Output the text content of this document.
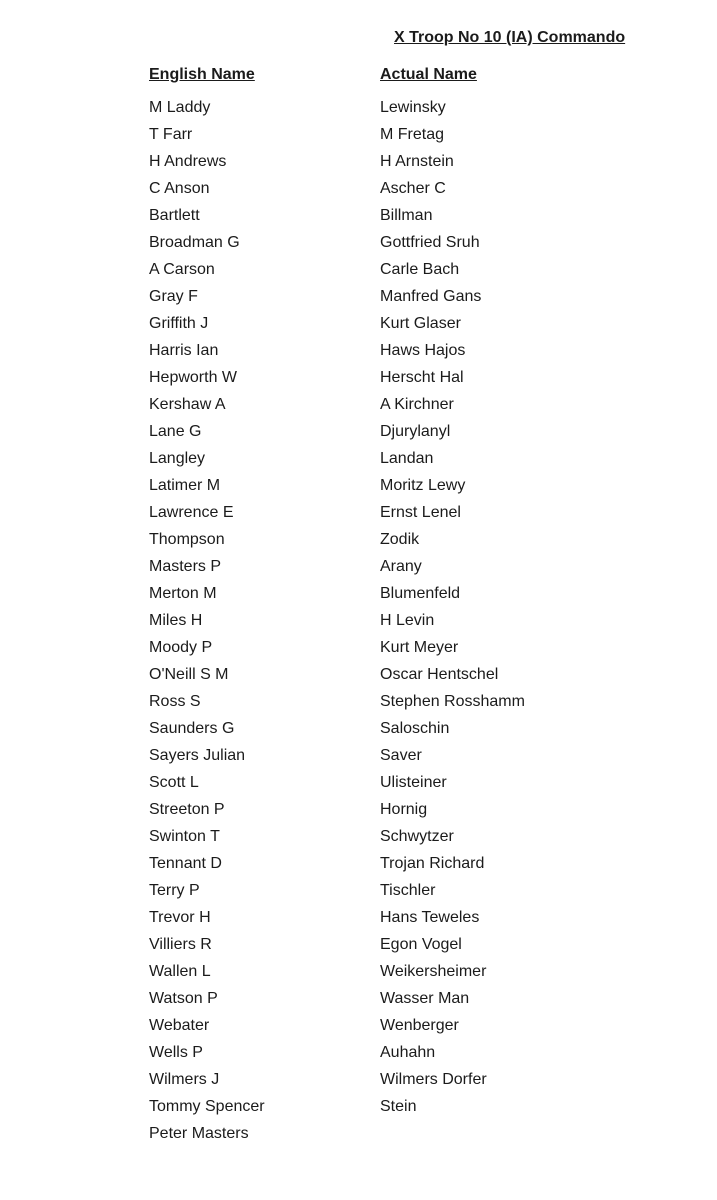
X Troop No 10 (IA) Commando
English Name	Actual Name
M Laddy
T Farr
H Andrews
C Anson
Bartlett
Broadman G
A Carson
Gray F
Griffith J
Harris Ian
Hepworth W
Kershaw A
Lane G
Langley
Latimer M
Lawrence E
Thompson
Masters P
Merton M
Miles H
Moody P
O'Neill S M
Ross S
Saunders G
Sayers Julian
Scott L
Streeton P
Swinton T
Tennant D
Terry P
Trevor H
Villiers R
Wallen L
Watson P
Webater
Wells P
Wilmers J
Tommy Spencer
Peter Masters
Lewinsky
M Fretag
H Arnstein
Ascher C
Billman
Gottfried Sruh
Carle Bach
Manfred Gans
Kurt Glaser
Haws Hajos
Herscht Hal
A Kirchner
Djurylanyl
Landan
Moritz Lewy
Ernst Lenel
Zodik
Arany
Blumenfeld
H Levin
Kurt Meyer
Oscar Hentschel
Stephen Rosshamm
Saloschin
Saver
Ulisteiner
Hornig
Schwytzer
Trojan Richard
Tischler
Hans Teweles
Egon Vogel
Weikersheimer
Wasser Man
Wenberger
Auhahn
Wilmers Dorfer
Stein
